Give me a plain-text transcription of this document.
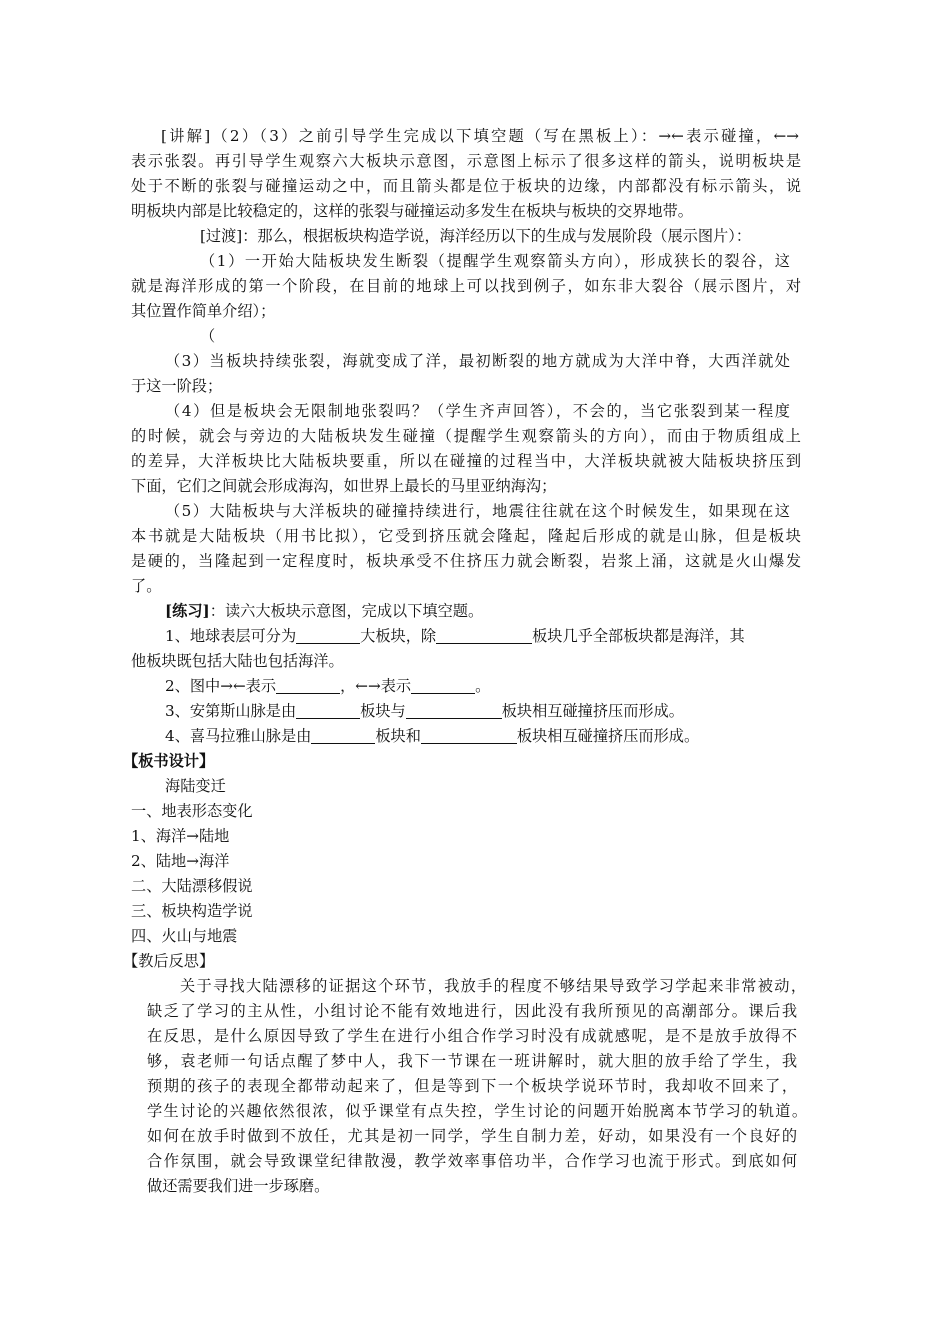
[讲解]（2）（3）之前引导学生完成以下填空题（写在黑板上）：→←表示碰撞，←→
表示张裂。再引导学生观察六大板块示意图，示意图上标示了很多这样的箭头，说明板块是
处于不断的张裂与碰撞运动之中，而且箭头都是位于板块的边缘，内部都没有标示箭头，说
明板块内部是比较稳定的，这样的张裂与碰撞运动多发生在板块与板块的交界地带。
[过渡]：那么，根据板块构造学说，海洋经历以下的生成与发展阶段（展示图片）：
（1）一开始大陆板块发生断裂（提醒学生观察箭头方向），形成狭长的裂谷，这
就是海洋形成的第一个阶段，在目前的地球上可以找到例子，如东非大裂谷（展示图片，对
其位置作简单介绍）；
（
（3）当板块持续张裂，海就变成了洋，最初断裂的地方就成为大洋中脊，大西洋就处
于这一阶段；
（4）但是板块会无限制地张裂吗？（学生齐声回答），不会的，当它张裂到某一程度
的时候，就会与旁边的大陆板块发生碰撞（提醒学生观察箭头的方向），而由于物质组成上
的差异，大洋板块比大陆板块要重，所以在碰撞的过程当中，大洋板块就被大陆板块挤压到
下面，它们之间就会形成海沟，如世界上最长的马里亚纳海沟；
（5）大陆板块与大洋板块的碰撞持续进行，地震往往就在这个时候发生，如果现在这
本书就是大陆板块（用书比拟），它受到挤压就会隆起，隆起后形成的就是山脉，但是板块
是硬的，当隆起到一定程度时，板块承受不住挤压力就会断裂，岩浆上涌，这就是火山爆发
了。
[练习]：读六大板块示意图，完成以下填空题。
1、地球表层可分为	大板块，除	板块几乎全部板块都是海洋，其
他板块既包括大陆也包括海洋。
2、图中→←表示	，←→表示	。
3、安第斯山脉是由	板块与	板块相互碰撞挤压而形成。
4、喜马拉雅山脉是由	板块和	板块相互碰撞挤压而形成。
【板书设计】
海陆变迁
一、地表形态变化
1、海洋→陆地
2、陆地→海洋
二、大陆漂移假说
三、板块构造学说
四、火山与地震
【教后反思】
关于寻找大陆漂移的证据这个环节，我放手的程度不够结果导致学习学起来非常被动，
缺乏了学习的主从性，小组讨论不能有效地进行，因此没有我所预见的高潮部分。课后我
在反思，是什么原因导致了学生在进行小组合作学习时没有成就感呢，是不是放手放得不
够，袁老师一句话点醒了梦中人，我下一节课在一班讲解时，就大胆的放手给了学生，我
预期的孩子的表现全都带动起来了，但是等到下一个板块学说环节时，我却收不回来了，
学生讨论的兴趣依然很浓，似乎课堂有点失控，学生讨论的问题开始脱离本节学习的轨道。
如何在放手时做到不放任，尤其是初一同学，学生自制力差，好动，如果没有一个良好的
合作氛围，就会导致课堂纪律散漫，教学效率事倍功半，合作学习也流于形式。到底如何
做还需要我们进一步琢磨。
